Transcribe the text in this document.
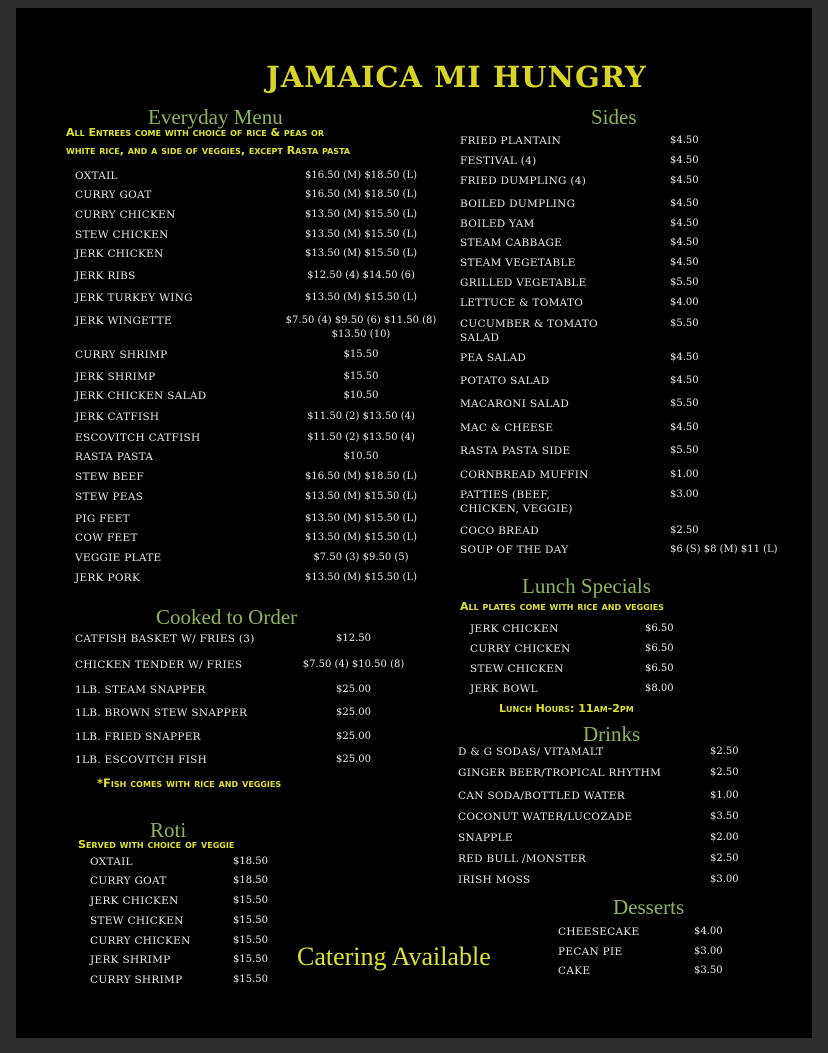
JAMAICA MI HUNGRY
Everyday Menu
All Entrees come with choice of rice & peas or
white rice, and a side of veggies, except Rasta pasta
OXTAIL	$16.50 (M) $18.50 (L)
CURRY GOAT	$16.50 (M) $18.50 (L)
CURRY CHICKEN	$13.50 (M) $15.50 (L)
STEW CHICKEN	$13.50 (M) $15.50 (L)
JERK CHICKEN	$13.50 (M) $15.50 (L)
JERK RIBS	$12.50 (4) $14.50 (6)
JERK TURKEY WING	$13.50 (M) $15.50 (L)
JERK WINGETTE	$7.50 (4) $9.50 (6) $11.50 (8)
$13.50 (10)
CURRY SHRIMP	$15.50
JERK SHRIMP	$15.50
JERK CHICKEN SALAD	$10.50
JERK CATFISH	$11.50 (2) $13.50 (4)
ESCOVITCH CATFISH	$11.50 (2) $13.50 (4)
RASTA PASTA	$10.50
STEW BEEF	$16.50 (M) $18.50 (L)
STEW PEAS	$13.50 (M) $15.50 (L)
PIG FEET	$13.50 (M) $15.50 (L)
COW FEET	$13.50 (M) $15.50 (L)
VEGGIE PLATE	$7.50 (3) $9.50 (5)
JERK PORK	$13.50 (M) $15.50 (L)
Cooked to Order
CATFISH BASKET W/ FRIES (3)	$12.50
CHICKEN TENDER W/ FRIES	$7.50 (4) $10.50 (8)
1LB. STEAM SNAPPER	$25.00
1LB. BROWN STEW SNAPPER	$25.00
1LB. FRIED SNAPPER	$25.00
1LB. ESCOVITCH FISH	$25.00
*Fish comes with rice and veggies
Roti
Served with choice of veggie
OXTAIL	$18.50
CURRY GOAT	$18.50
JERK CHICKEN	$15.50
STEW CHICKEN	$15.50
CURRY CHICKEN	$15.50
JERK SHRIMP	$15.50
CURRY SHRIMP	$15.50
Catering Available
Sides
FRIED PLANTAIN	$4.50
FESTIVAL (4)	$4.50
FRIED DUMPLING (4)	$4.50
BOILED DUMPLING	$4.50
BOILED YAM	$4.50
STEAM CABBAGE	$4.50
STEAM VEGETABLE	$4.50
GRILLED VEGETABLE	$5.50
LETTUCE & TOMATO	$4.00
CUCUMBER & TOMATO
SALAD
$5.50
PEA SALAD	$4.50
POTATO SALAD	$4.50
MACARONI SALAD	$5.50
MAC & CHEESE	$4.50
RASTA PASTA SIDE	$5.50
CORNBREAD MUFFIN	$1.00
PATTIES (BEEF,
CHICKEN, VEGGIE)
$3.00
COCO BREAD	$2.50
SOUP OF THE DAY	$6 (S) $8 (M) $11 (L)
Lunch Specials
All plates come with rice and veggies
JERK CHICKEN	$6.50
CURRY CHICKEN	$6.50
STEW CHICKEN	$6.50
JERK BOWL	$8.00
Lunch Hours: 11am-2pm
Drinks
D & G SODAS/ VITAMALT	$2.50
GINGER BEER/TROPICAL RHYTHM	$2.50
CAN SODA/BOTTLED WATER	$1.00
COCONUT WATER/LUCOZADE	$3.50
SNAPPLE	$2.00
RED BULL /MONSTER	$2.50
IRISH MOSS	$3.00
Desserts
CHEESECAKE	$4.00
PECAN PIE	$3.00
CAKE	$3.50
